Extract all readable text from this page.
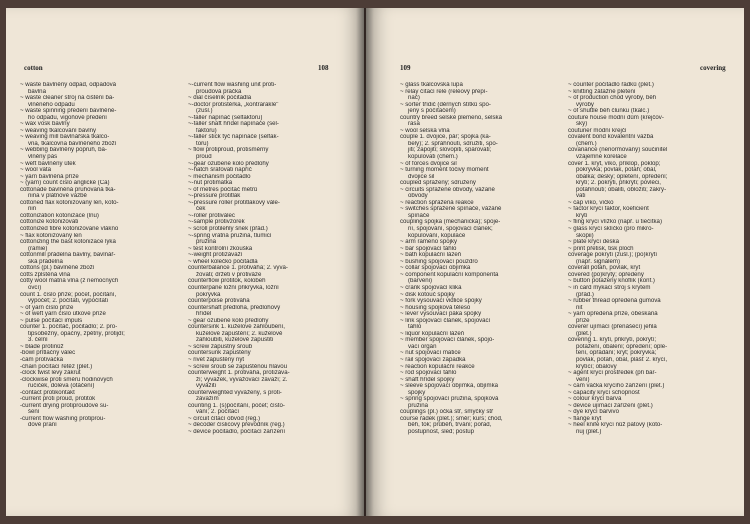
cotton	108
~ waste bavlněný odpad, odpadová
bavlna
~ waste cleaner stroj na čištění ba-
vlněného odpadu
~ waste spinning předení bavlněné-
ho odpadu, vigoňové předení
~ wax vosk bavlny
~ weaving tkalcování bavlny
~ weaving mill bavlnářská tkalco-
vna, tkalcovna bavlněného zboží
~ webbing bavlněný popruh, ba-
vlněný pás
~ weft bavlněný útek
~ wool vata
~ yarn bavlněná příze
~ (yarn) count číslo anglické (Ča)
cottonade bavlněná pruhovaná tka-
nina v plátnové vazbě
cottoned flax kotonizovaný len, koto-
nin
cottonization kotonizace (lnu)
cottonize kotonizovati
cottonized fibre kotonizované vlákno
~ flax kotonizovaný len
cottonizing the bast kotonizace lýka
(ramie)
cottonmill přádelna bavlny, bavlnář-
ská přádelna
cottons (pl.) bavlněné zboží
cotts zplstěná vlna
cotty wool matná vlna (z nemocných
ovcí)
count 1. číslo příze; počet, počítání,
výpočet; 2. počítati, vypočítati
~ of yarn číslo příze
~ of weft yarn číslo útkové příze
~ pulse počítací impuls
counter 1. počítač, počitadlo; 2. pro-
tipsoběžný, opačný, zpětný, protijdí;
3. čelní
~ blade protinůž
-bowl přítlačný válec
-cam protivačka
-chain počítací řetěz (plet.)
-clock twist levý zákrut
-clockwise proti směru hodinových
ručiček, doleva (otáčení)
-contact protikontakt
-current proti proud, protitok
-current drying protiproudové su-
šení
-current flow washing protiprou-
dové praní
~-current flow washing unit proti-
proudová pračka
~ dial číselník počitadla
~-doctor protistěrka, „kontrarakle"
(zušl.)
~-faller napínač (selfaktoru)
~-faller shaft hřídel napínače (sel-
faktoru)
~-faller stick týč napínače (selfak-
toru)
~ flow protiproud, protisměrný
proud
~-gear ozubené kolo předlohy
~-hatch šrafovati napříč
~ mechanism počitadlo
~-nut protimatka
~ of metres počítač metrů
~-pressure protitlak
~-pressure roller protitlakový vále-
ček
~-roller protiválec
~-sample protivzorek
~ scroll protilehlý šnek (přád.)
~-spring vratná pružina, tlumicí
pružina
~ test kontrolní zkouška
~-weight protizávaží
~ wheel kolečko počitadla
counterbalance 1. protiváha; 2. vyva-
žovati; držeti v protiváze
counterflow protitok, kolobeh
counterpane ložní přikrývka, ložní
pokrývka
counterpoise protiváha
countershaft předloha, předlohový
hřídel
~ gear ozubené kolo předlohy
countersink 1. kuželové zahloubení,
kuželové zapuštění; 2. kuželově
zahloubiti, kuželově zapustiti
~ screw zápustný šroub
countersunk zapuštěný
~ rivet zapuštěný nýt
~ screw šroub se zapuštěnou hlavou
counterweight 1. protiváha, protizáva-
ží; vyvažek, vyvažovací závaží; 2.
vyvážiti
counterweighted vyvážený, s proti-
závažím
counting 1. (s)počítání, počet; čísto-
vání; 2. počítací
~ circuit čítací obvod (reg.)
~ decoder číslicový převodník (reg.)
~ device počitadlo, počítací zařízení
109	covering
~ glass tkalcovská lupa
~ relay čítací relé (reléový přepí-
nač)
~ sorter třídič (děrných štítků spo-
jený s počítačem)
country breed selské plemeno, selská
rasa
~ wool selská vlna
couple 1. dvojice, pár; spojka (ka-
bely); 2. spřáhnouti, sdružiti, spo-
jiti; zapojiti; slovopiti, spárovati;
kopulovati (chem.)
~ of forces dvojice sil
~ turning moment točivý moment
dvojice sil
coupled spřažený; sdružený
~ circuits spřažené obvody, vázané
obvody
~ reaction spřažená reakce
~ switches spřažené spínače, vázané
spínače
coupling spojka (mechanická); spoje-
ní, spojování, spojovací článek;
kopulování, kopulace
~ arm rameno spojky
~ bar spojovací táhlo
~ bath kopulační lázeň
~ bushing spojovací pouzdro
~ collar spojovací objímka
~ component kopulační komponenta
(barveni)
~ crank spojovací klika
~ disk kotouč spojky
~ fork vysouvací vidlice spojky
~ housing spojková těleso
~ lever vysouvací páka spojky
~ link spojovací článek, spojovací
táhlo
~ liquor kopulační lázeň
~ member spojovací článek, spojo-
vací orgán
~ nut spojovací matice
~ rail spojovací západka
~ reaction kopulační reakce
~ rod spojovací táhlo
~ shaft hřídel spojky
~ sleeve spojovací objímka, objímka
spojky
~ spring spojovací pružina, spojková
pružina
couplings (pl.) očka stř, smyčky stř
course řádek (plet.); směr; kurs; chod,
běh, tok; průběh, trvání; pořad,
postupnost, sled; postup
~ counter počitadlo řádků (plet.)
~ knitting zátažné pletení
~ of production chod výroby, běh
výroby
~ of shuttle běh člunku (tkalc.)
couture house módní dům (krejčov-
ský)
couturier módní krejčí
covalent bond kovalentní vazba
(chem.)
covariance (nenormovaný) součinitel
vzájemné korelace
cover 1. kryt, víko, příklop, poklop;
pokrývka; povlak, potah; obal,
obálka; desky; opletení, opředení;
krytí; 2. pokrýti, přikrýti; povléci,
potáhnouti; obaliti, obložiti; zakrý-
vati
~ cap víko, víčko
~ factor krycí faktor, koeficient
krytí
~ fling krycí vlížko (např. u tiečítka)
~ glass krycí sklíčko (pro mikro-
skopii)
~ plate krycí deska
~ print přetisk, tisk ploch
coverage pokrytí (zušl.); (po)krytí
(např. signálem)
coverall potah, povlak, kryt
covered (po)krytý; opředený
~ button potažený knoflík (konf.)
~ in card mykací stroj s krytem
(přád.)
~ rubber thread opředená gumová
nit
~ yarn opředená příze, obeskaná
příze
coverer ujímací (přenášecí) jehla
(plet.)
covering 1. krytí, přikrytí, pokrytí;
potažení, obalení; opředení; ople-
tení, opřádání; kryt; pokrývka;
povlak, potah, obal, plášť 2. krycí,
krytící; obalový
~ agent krycí prostředek (při bar-
vení)
~ cam vačka krycího zařízení (plet.)
~ capacity krycí schopnost
~ colour krycí barva
~ device ujímací zařízení (plet.)
~ dye krycí barvivo
~ flange kryt
~ heel knife krycí nůž patový (koto-
nuj (plet.)
